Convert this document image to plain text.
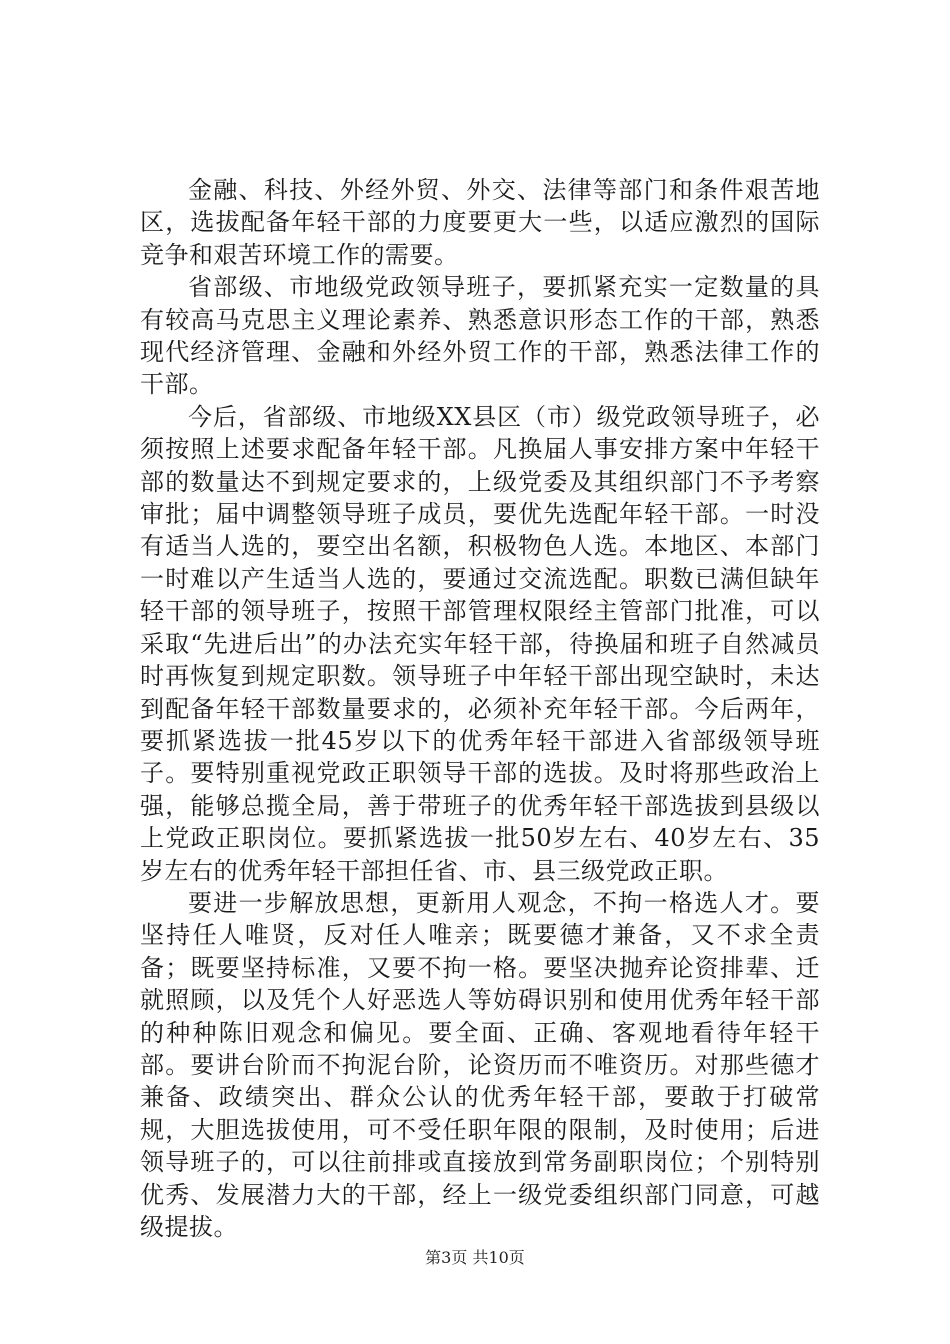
金融、科技、外经外贸、外交、法律等部门和条件艰苦地区，选拔配备年轻干部的力度要更大一些，以适应激烈的国际竞争和艰苦环境工作的需要。

省部级、市地级党政领导班子，要抓紧充实一定数量的具有较高马克思主义理论素养、熟悉意识形态工作的干部，熟悉现代经济管理、金融和外经外贸工作的干部，熟悉法律工作的干部。

今后，省部级、市地级XX县区（市）级党政领导班子，必须按照上述要求配备年轻干部。凡换届人事安排方案中年轻干部的数量达不到规定要求的，上级党委及其组织部门不予考察审批；届中调整领导班子成员，要优先选配年轻干部。一时没有适当人选的，要空出名额，积极物色人选。本地区、本部门一时难以产生适当人选的，要通过交流选配。职数已满但缺年轻干部的领导班子，按照干部管理权限经主管部门批准，可以采取“先进后出”的办法充实年轻干部，待换届和班子自然减员时再恢复到规定职数。领导班子中年轻干部出现空缺时，未达到配备年轻干部数量要求的，必须补充年轻干部。今后两年，要抓紧选拔一批45岁以下的优秀年轻干部进入省部级领导班子。要特别重视党政正职领导干部的选拔。及时将那些政治上强，能够总揽全局，善于带班子的优秀年轻干部选拔到县级以上党政正职岗位。要抓紧选拔一批50岁左右、40岁左右、35岁左右的优秀年轻干部担任省、市、县三级党政正职。

要进一步解放思想，更新用人观念，不拘一格选人才。要坚持任人唯贤，反对任人唯亲；既要德才兼备，又不求全责备；既要坚持标准，又要不拘一格。要坚决抛弃论资排辈、迁就照顾，以及凭个人好恶选人等妨碍识别和使用优秀年轻干部的种种陈旧观念和偏见。要全面、正确、客观地看待年轻干部。要讲台阶而不拘泥台阶，论资历而不唯资历。对那些德才兼备、政绩突出、群众公认的优秀年轻干部，要敢于打破常规，大胆选拔使用，可不受任职年限的限制，及时使用；后进领导班子的，可以往前排或直接放到常务副职岗位；个别特别优秀、发展潜力大的干部，经上一级党委组织部门同意，可越级提拔。

第3页 共10页
